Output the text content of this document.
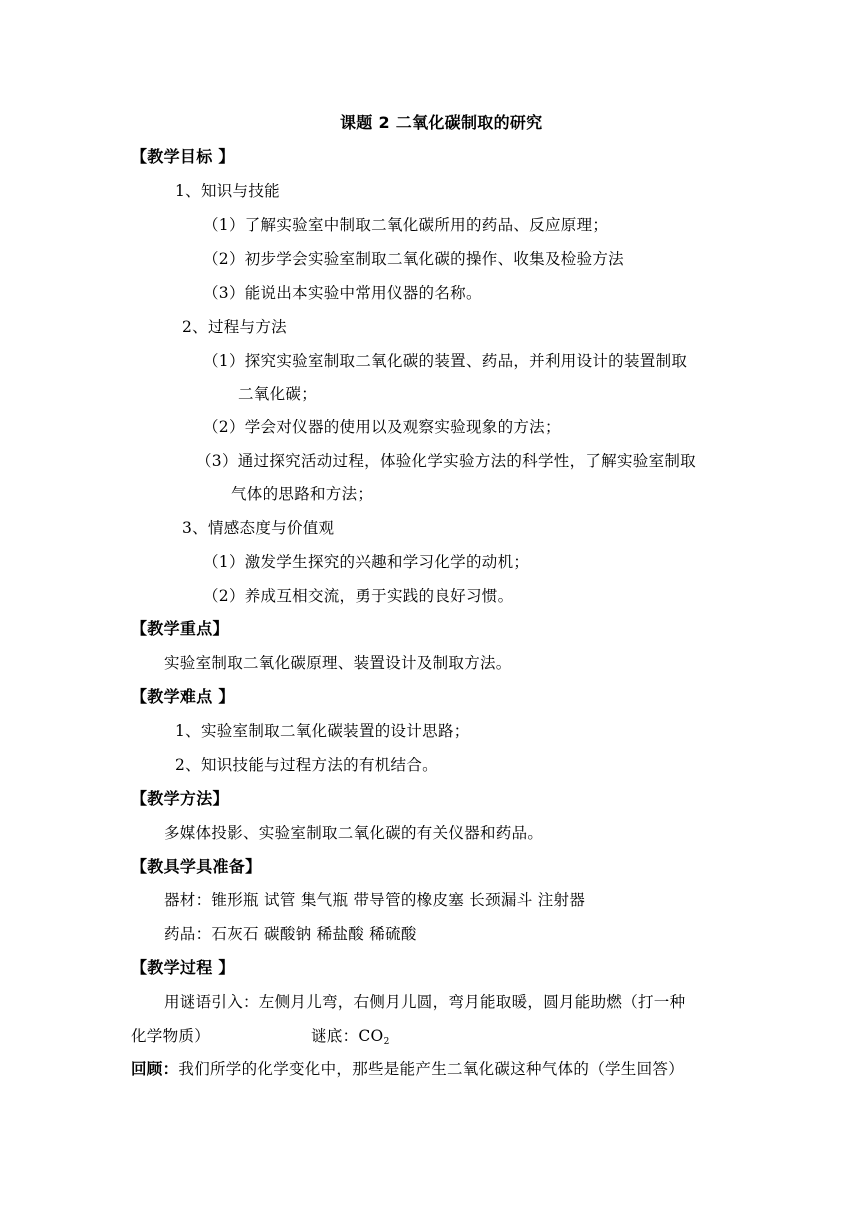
课题 2 二氧化碳制取的研究
【教学目标 】
1、知识与技能
（1）了解实验室中制取二氧化碳所用的药品、反应原理；
（2）初步学会实验室制取二氧化碳的操作、收集及检验方法
（3）能说出本实验中常用仪器的名称。
2、过程与方法
（1）探究实验室制取二氧化碳的装置、药品，并利用设计的装置制取
二氧化碳；
（2）学会对仪器的使用以及观察实验现象的方法；
（3）通过探究活动过程，体验化学实验方法的科学性，了解实验室制取
气体的思路和方法；
3、情感态度与价值观
（1）激发学生探究的兴趣和学习化学的动机；
（2）养成互相交流，勇于实践的良好习惯。
【教学重点】
实验室制取二氧化碳原理、装置设计及制取方法。
【教学难点 】
1、实验室制取二氧化碳装置的设计思路；
2、知识技能与过程方法的有机结合。
【教学方法】
多媒体投影、实验室制取二氧化碳的有关仪器和药品。
【教具学具准备】
器材：锥形瓶 试管 集气瓶 带导管的橡皮塞 长颈漏斗 注射器
药品：石灰石 碳酸钠 稀盐酸 稀硫酸
【教学过程 】
用谜语引入：左侧月儿弯，右侧月儿圆，弯月能取暖，圆月能助燃（打一种
化学物质）	谜底：$CO_2$
回顾：我们所学的化学变化中，那些是能产生二氧化碳这种气体的（学生回答）
